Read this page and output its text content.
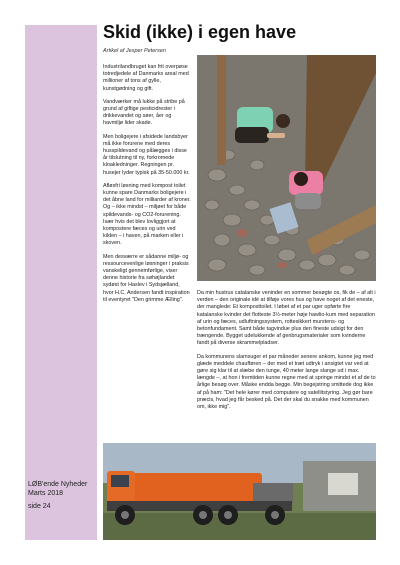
LØB'ende Nyheder
Marts 2018
side 24
Skid (ikke) i egen have
Artikel af Jesper Petersen

Industrilandbruget kan frit overpøse totredjedele af Danmarks areal med millioner af tons af gylle, kunstgødning og gift.

Vandværker må lukke på stribe på grund af giftige pesticidrester i drikkevandet og søer, åer og havmiljø lider skade.

Men boligejere i afsidede landsbyer må ikke forurene med deres husspildevand og pålægges i disse år tilslutning til ny, forkromede kloakledninger. Regningen pr. husejer lyder typisk på 35-50.000 kr.

Afløsfri løsning med kompost toilet kunne spare Danmarks boligejere i det åbne land for milliarder af kroner. Og – ikke mindst – miljøet for både spildevands- og CO2-forurening. Især hvis det blev lovliggjort at kompostere fæces og urin ved kilden – i haven, på marken eller i skoven.

Men desværre er sådanne miljø- og ressourcevenlige løsninger i praksis vanskeligt gennemførlige, viser denne historie fra søhøjlandet sydøst for Haslev i Sydsjælland, hvor H.C. Andersen fandt inspiration til eventyret "Den grimme Ælling".

Da min hustrus catalanske veninder en sommer besøgte os, fik de – af alt i verden – den originale idé at tilføje vores hus og have noget af det eneste, der manglede: Et komposttoilet. I løbet af et par uger opførte fire katalanske kvinder det flotteste 3½-meter høje hawlio-kum med separation af urin og fæces, udluftningssystem, rottesikkert murstens- og betonfundament. Samt både tagvindue plus den fineste udsigt for den trængende. Bygget udelukkende af genbrugsmaterialer som kvinderne fandt på diverse skrammelpladser.

Da kommunens slamsuger et par måneder senere ankom, kunne jeg med glæde meddele chaufføren – der med et træt udtryk i ansigtet var ved at gøre sig klar til at slæbe den tunge, 40 meter lange slange ud i max. længde –, at hon i fremtiden kunne regne med at springe mindst et af de to årlige besøg over. Måske endda begge. Min begejstring smittede dog ikke af på ham: "Det hele kører med computere og satellitstyring. Jeg gør bare præcis, hvad jeg får besked på. Det der skal du snakke med kommunen om, ikke mig".
